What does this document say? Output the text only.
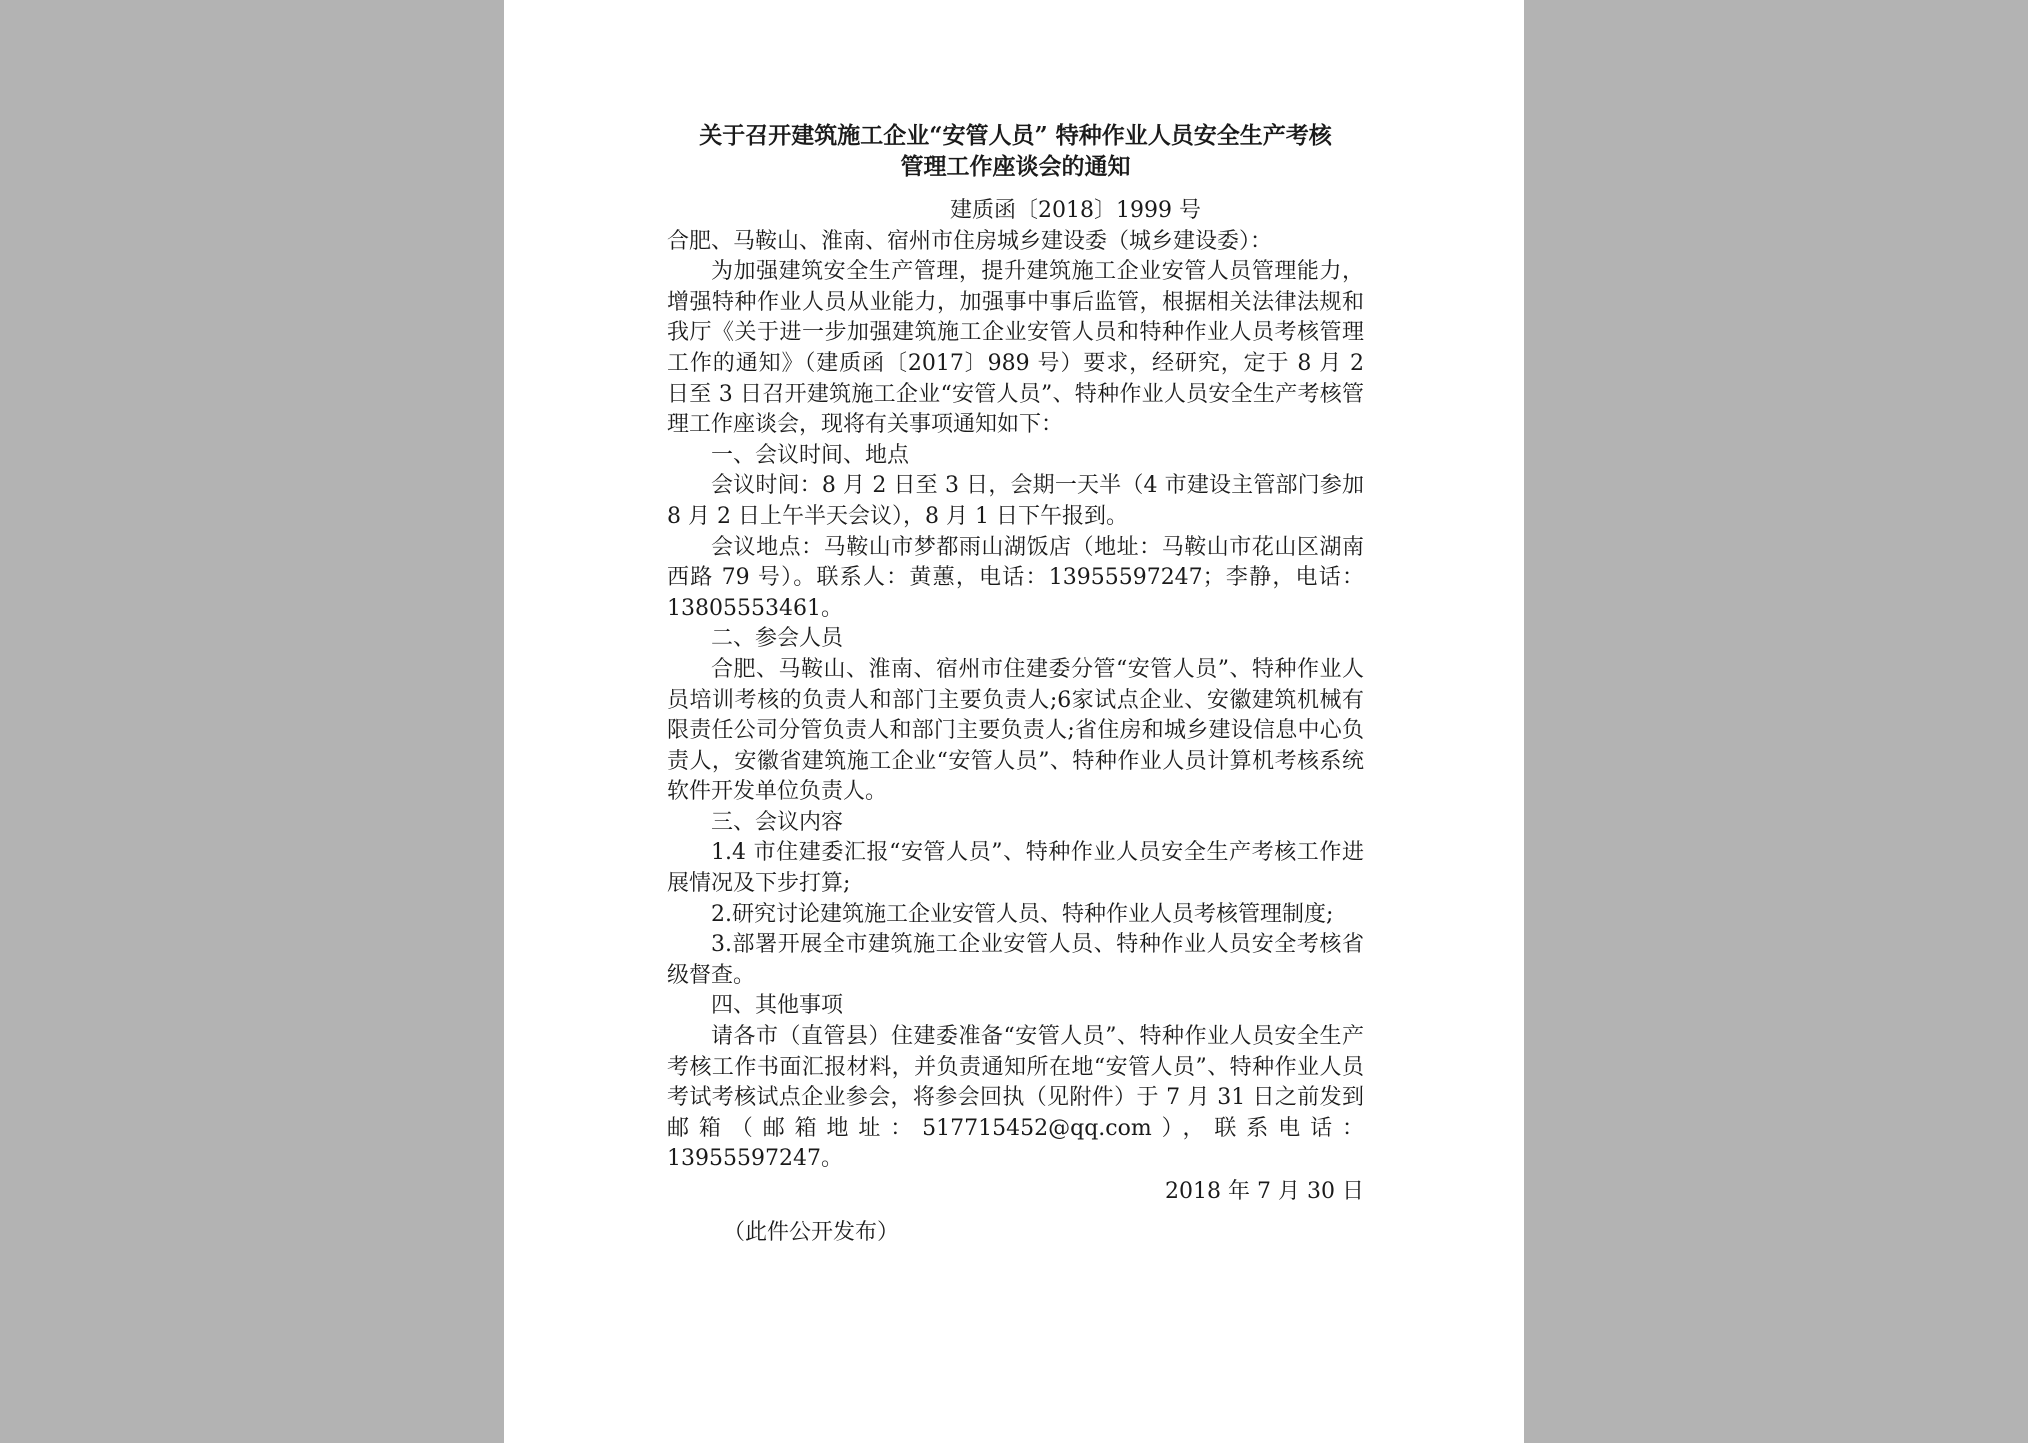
关于召开建筑施工企业“安管人员” 特种作业人员安全生产考核
管理工作座谈会的通知

建质函〔2018〕1999 号

合肥、马鞍山、淮南、宿州市住房城乡建设委（城乡建设委）：

为加强建筑安全生产管理，提升建筑施工企业安管人员管理能力，增强特种作业人员从业能力，加强事中事后监管，根据相关法律法规和我厅《关于进一步加强建筑施工企业安管人员和特种作业人员考核管理工作的通知》（建质函〔2017〕989 号）要求，经研究，定于 8 月 2 日至 3 日召开建筑施工企业“安管人员”、特种作业人员安全生产考核管理工作座谈会，现将有关事项通知如下：

一、会议时间、地点

会议时间：8 月 2 日至 3 日，会期一天半（4 市建设主管部门参加 8 月 2 日上午半天会议），8 月 1 日下午报到。

会议地点：马鞍山市梦都雨山湖饭店（地址：马鞍山市花山区湖南西路 79 号）。联系人：黄蕙，电话：13955597247；李静，电话：13805553461。

二、参会人员

合肥、马鞍山、淮南、宿州市住建委分管“安管人员”、特种作业人员培训考核的负责人和部门主要负责人;6家试点企业、安徽建筑机械有限责任公司分管负责人和部门主要负责人;省住房和城乡建设信息中心负责人，安徽省建筑施工企业“安管人员”、特种作业人员计算机考核系统软件开发单位负责人。

三、会议内容

1.4 市住建委汇报“安管人员”、特种作业人员安全生产考核工作进展情况及下步打算;

2.研究讨论建筑施工企业安管人员、特种作业人员考核管理制度;

3.部署开展全市建筑施工企业安管人员、特种作业人员安全考核省级督查。

四、其他事项

请各市（直管县）住建委准备“安管人员”、特种作业人员安全生产考核工作书面汇报材料，并负责通知所在地“安管人员”、特种作业人员考试考核试点企业参会，将参会回执（见附件）于 7 月 31 日之前发到邮箱（邮箱地址：517715452@qq.com），联系电话：13955597247。

2018 年 7 月 30 日

（此件公开发布）
